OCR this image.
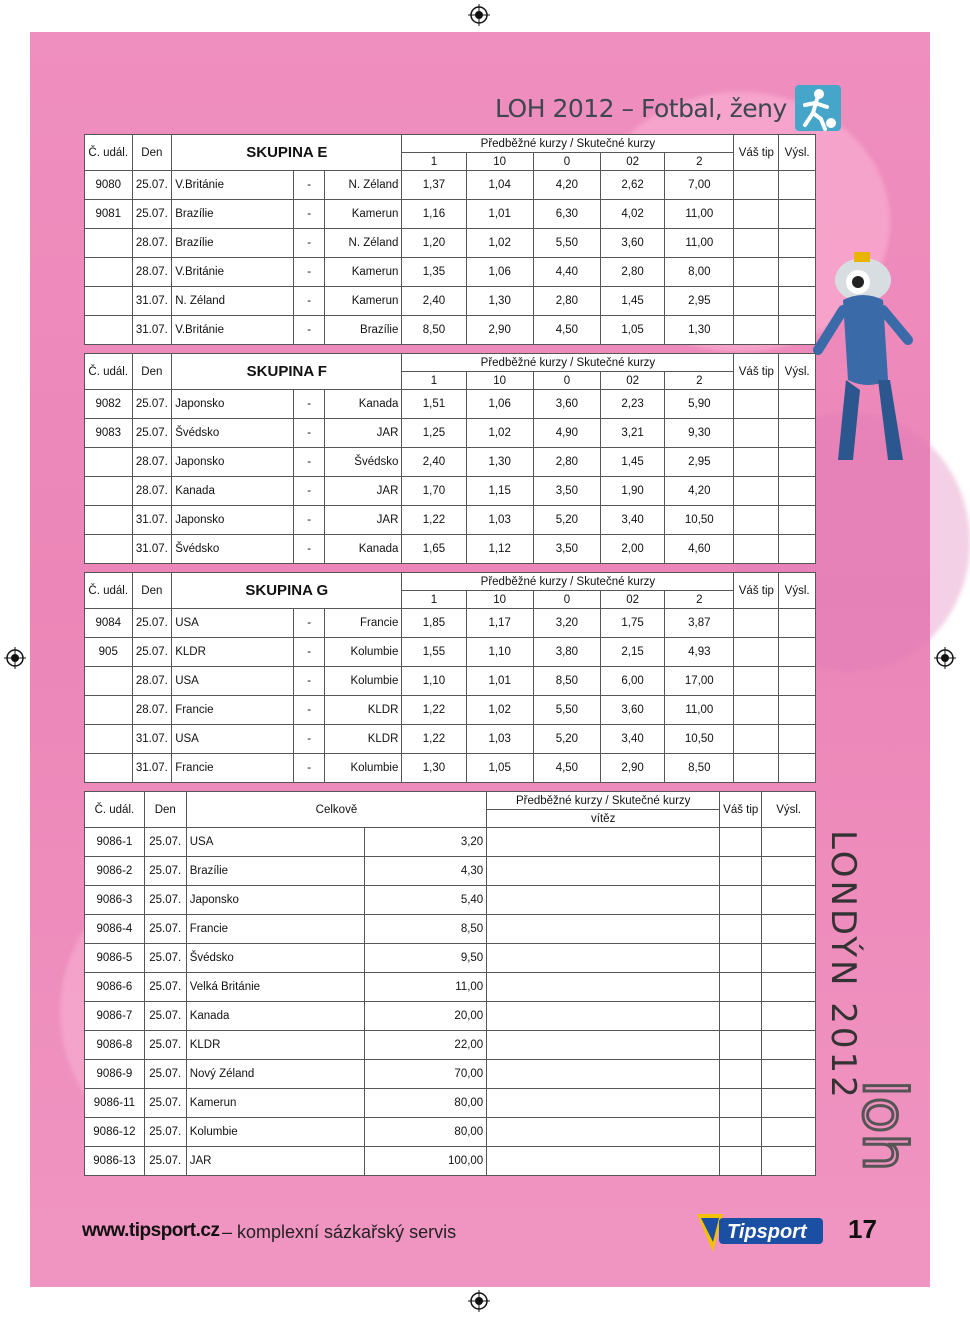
LOH 2012 – Fotbal, ženy
Č. udál.	Den	SKUPINA E			Předběžné kurzy / Skutečné kurzy					Váš tip	Výsl.
					1	10	0	02	2		
9080	25.07.	V.Británie	-	N. Zéland	1,37	1,04	4,20	2,62	7,00		
9081	25.07.	Brazílie	-	Kamerun	1,16	1,01	6,30	4,02	11,00		
	28.07.	Brazílie	-	N. Zéland	1,20	1,02	5,50	3,60	11,00		
	28.07.	V.Británie	-	Kamerun	1,35	1,06	4,40	2,80	8,00		
	31.07.	N. Zéland	-	Kamerun	2,40	1,30	2,80	1,45	2,95		
	31.07.	V.Británie	-	Brazílie	8,50	2,90	4,50	1,05	1,30		
Č. udál.	Den	SKUPINA F			Předběžné kurzy / Skutečné kurzy					Váš tip	Výsl.
					1	10	0	02	2		
9082	25.07.	Japonsko	-	Kanada	1,51	1,06	3,60	2,23	5,90		
9083	25.07.	Švédsko	-	JAR	1,25	1,02	4,90	3,21	9,30		
	28.07.	Japonsko	-	Švédsko	2,40	1,30	2,80	1,45	2,95		
	28.07.	Kanada	-	JAR	1,70	1,15	3,50	1,90	4,20		
	31.07.	Japonsko	-	JAR	1,22	1,03	5,20	3,40	10,50		
	31.07.	Švédsko	-	Kanada	1,65	1,12	3,50	2,00	4,60		
Č. udál.	Den	SKUPINA G			Předběžné kurzy / Skutečné kurzy					Váš tip	Výsl.
					1	10	0	02	2		
9084	25.07.	USA	-	Francie	1,85	1,17	3,20	1,75	3,87		
905	25.07.	KLDR	-	Kolumbie	1,55	1,10	3,80	2,15	4,93		
	28.07.	USA	-	Kolumbie	1,10	1,01	8,50	6,00	17,00		
	28.07.	Francie	-	KLDR	1,22	1,02	5,50	3,60	11,00		
	31.07.	USA	-	KLDR	1,22	1,03	5,20	3,40	10,50		
	31.07.	Francie	-	Kolumbie	1,30	1,05	4,50	2,90	8,50		
Č. udál.	Den	Celkově		Předběžné kurzy / Skutečné kurzy	Váš tip	Výsl.
				vítěz		
9086-1	25.07.	USA	3,20			
9086-2	25.07.	Brazílie	4,30			
9086-3	25.07.	Japonsko	5,40			
9086-4	25.07.	Francie	8,50			
9086-5	25.07.	Švédsko	9,50			
9086-6	25.07.	Velká Británie	11,00			
9086-7	25.07.	Kanada	20,00			
9086-8	25.07.	KLDR	22,00			
9086-9	25.07.	Nový Zéland	70,00			
9086-11	25.07.	Kamerun	80,00			
9086-12	25.07.	Kolumbie	80,00			
9086-13	25.07.	JAR	100,00			
LONDÝN 2012
loh
www.tipsport.cz – komplexní sázkařský servis	Tipsport 17
